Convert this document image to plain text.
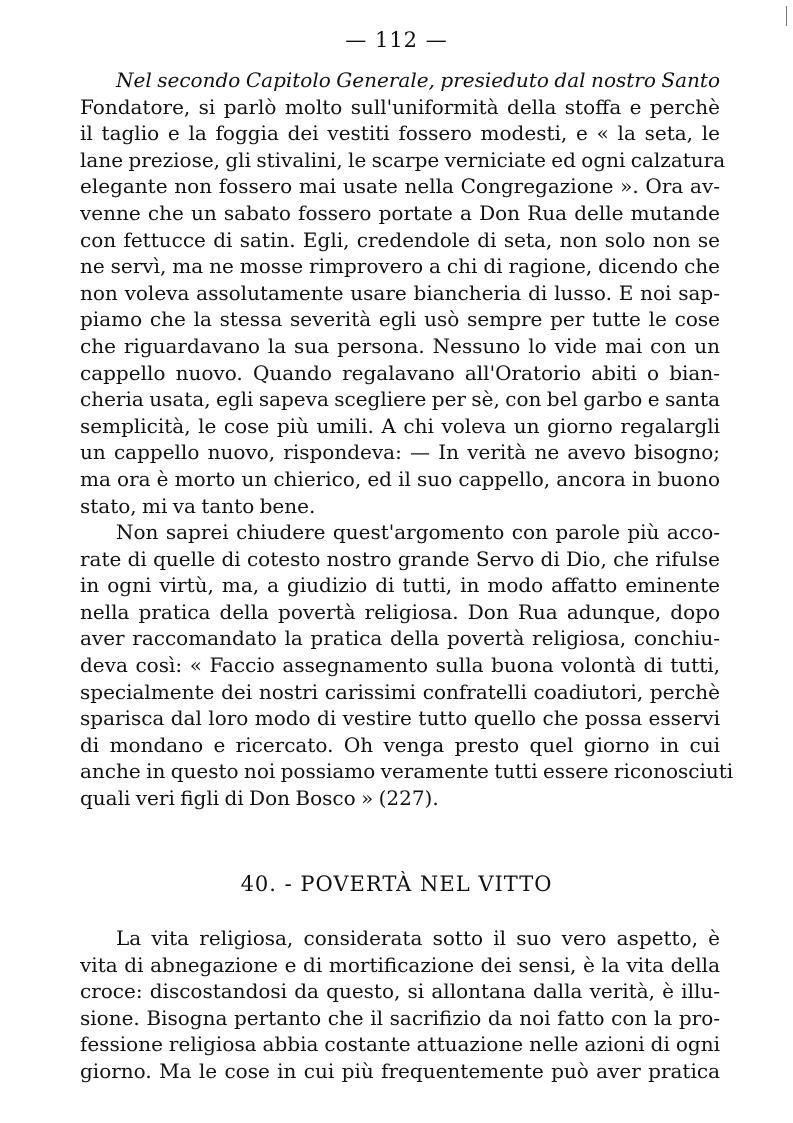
— 112 —

Nel secondo Capitolo Generale, presieduto dal nostro Santo
Fondatore, si parlò molto sull'uniformità della stoffa e perchè
il taglio e la foggia dei vestiti fossero modesti, e « la seta, le
lane preziose, gli stivalini, le scarpe verniciate ed ogni calzatura
elegante non fossero mai usate nella Congregazione ». Ora av-
venne che un sabato fossero portate a Don Rua delle mutande
con fettucce di satin. Egli, credendole di seta, non solo non se
ne servì, ma ne mosse rimprovero a chi di ragione, dicendo che
non voleva assolutamente usare biancheria di lusso. E noi sap-
piamo che la stessa severità egli usò sempre per tutte le cose
che riguardavano la sua persona. Nessuno lo vide mai con un
cappello nuovo. Quando regalavano all'Oratorio abiti o bian-
cheria usata, egli sapeva scegliere per sè, con bel garbo e santa
semplicità, le cose più umili. A chi voleva un giorno regalargli
un cappello nuovo, rispondeva: — In verità ne avevo bisogno;
ma ora è morto un chierico, ed il suo cappello, ancora in buono
stato, mi va tanto bene.

Non saprei chiudere quest'argomento con parole più acco-
rate di quelle di cotesto nostro grande Servo di Dio, che rifulse
in ogni virtù, ma, a giudizio di tutti, in modo affatto eminente
nella pratica della povertà religiosa. Don Rua adunque, dopo
aver raccomandato la pratica della povertà religiosa, conchiu-
deva così: « Faccio assegnamento sulla buona volontà di tutti,
specialmente dei nostri carissimi confratelli coadiutori, perchè
sparisca dal loro modo di vestire tutto quello che possa esservi
di mondano e ricercato. Oh venga presto quel giorno in cui
anche in questo noi possiamo veramente tutti essere riconosciuti
quali veri figli di Don Bosco » (227).

40. - POVERTÀ NEL VITTO

La vita religiosa, considerata sotto il suo vero aspetto, è
vita di abnegazione e di mortificazione dei sensi, è la vita della
croce: discostandosi da questo, si allontana dalla verità, è illu-
sione. Bisogna pertanto che il sacrifizio da noi fatto con la pro-
fessione religiosa abbia costante attuazione nelle azioni di ogni
giorno. Ma le cose in cui più frequentemente può aver pratica
